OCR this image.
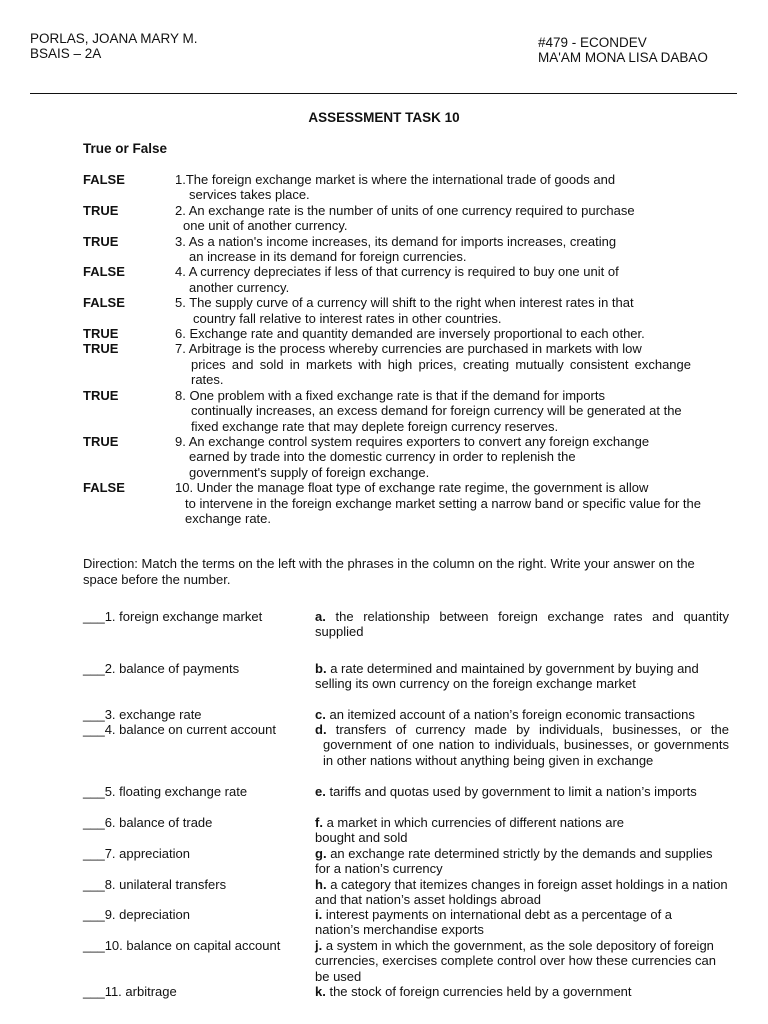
PORLAS, JOANA MARY M.
BSAIS – 2A
#479 - ECONDEV
MA'AM MONA LISA DABAO
ASSESSMENT TASK 10
True or False
FALSE	1.The foreign exchange market is where the international trade of goods and
services takes place.
TRUE	2. An exchange rate is the number of units of one currency required to purchase
one unit of another currency.
TRUE	3. As a nation's income increases, its demand for imports increases, creating
an increase in its demand for foreign currencies.
FALSE	4. A currency depreciates if less of that currency is required to buy one unit of
another currency.
FALSE	5. The supply curve of a currency will shift to the right when interest rates in that
country fall relative to interest rates in other countries.
TRUE	6. Exchange rate and quantity demanded are inversely proportional to each other.
TRUE	7. Arbitrage is the process whereby currencies are purchased in markets with low
prices and sold in markets with high prices, creating mutually consistent exchange rates.
TRUE	8. One problem with a fixed exchange rate is that if the demand for imports
continually increases, an excess demand for foreign currency will be generated at the fixed exchange rate that may deplete foreign currency reserves.
TRUE	9. An exchange control system requires exporters to convert any foreign exchange
earned by trade into the domestic currency in order to replenish the government's supply of foreign exchange.
FALSE	10. Under the manage float type of exchange rate regime, the government is allow
to intervene in the foreign exchange market setting a narrow band or specific value for the exchange rate.
Direction: Match the terms on the left with the phrases in the column on the right. Write your answer on the space before the number.
___1. foreign exchange market	a. the relationship between foreign exchange rates and quantity supplied
___2. balance of payments	b. a rate determined and maintained by government by buying and selling its own currency on the foreign exchange market
___3. exchange rate	c. an itemized account of a nation’s foreign economic transactions
___4. balance on current account	d. transfers of currency made by individuals, businesses, or the government of one nation to individuals, businesses, or governments in other nations without anything being given in exchange
___5. floating exchange rate	e. tariffs and quotas used by government to limit a nation’s imports
___6. balance of trade	f. a market in which currencies of different nations are bought and sold
___7. appreciation	g. an exchange rate determined strictly by the demands and supplies for a nation’s currency
___8. unilateral transfers	h. a category that itemizes changes in foreign asset holdings in a nation and that nation’s asset holdings abroad
___9. depreciation	i. interest payments on international debt as a percentage of a nation’s merchandise exports
___10. balance on capital account	j. a system in which the government, as the sole depository of foreign currencies, exercises complete control over how these currencies can be used
___11. arbitrage	k. the stock of foreign currencies held by a government
